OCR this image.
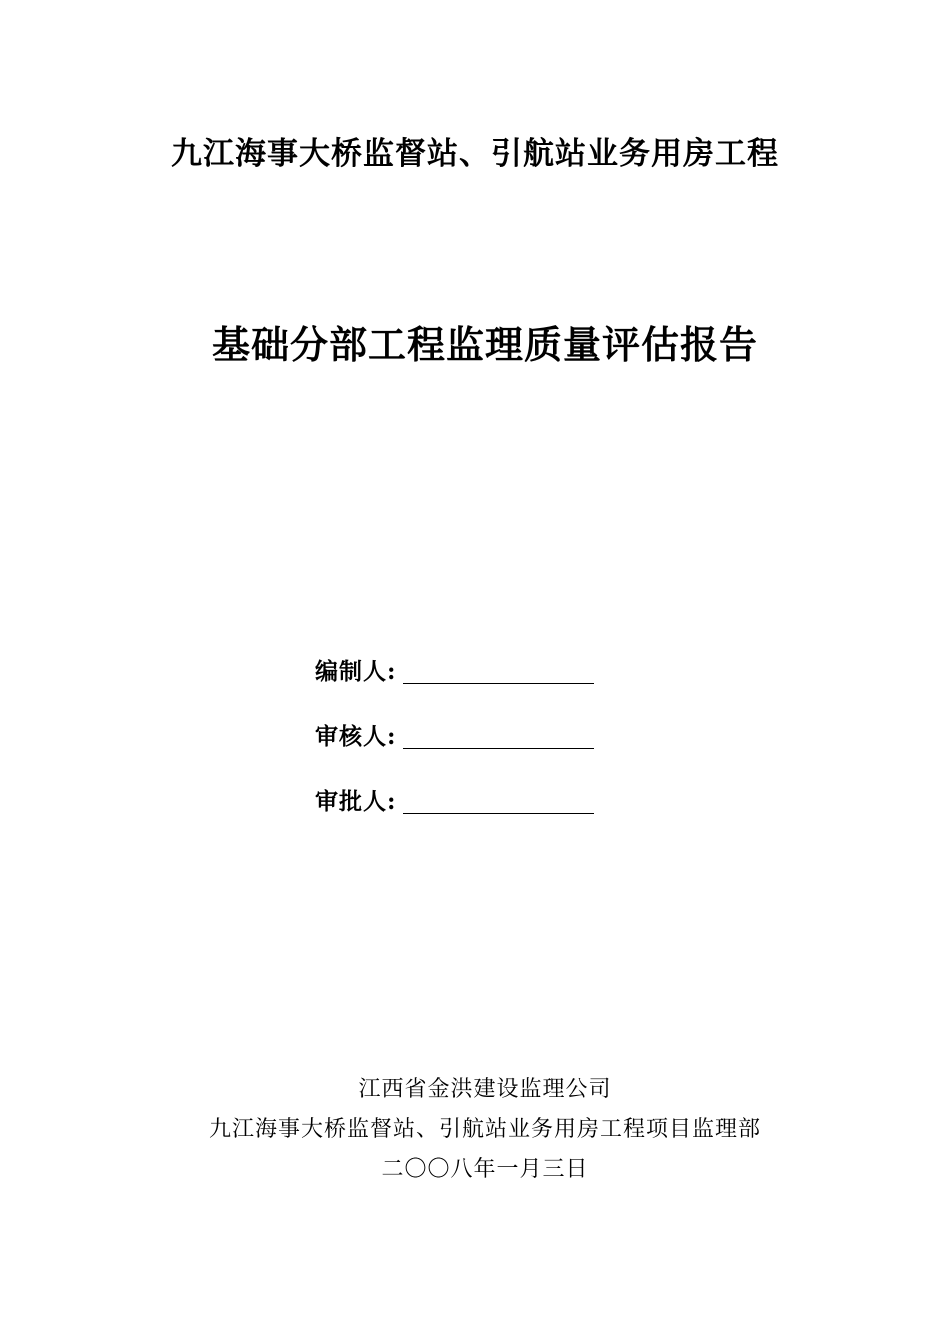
九江海事大桥监督站、引航站业务用房工程
基础分部工程监理质量评估报告
编制人:
审核人:
审批人:
江西省金洪建设监理公司
九江海事大桥监督站、引航站业务用房工程项目监理部
二〇〇八年一月三日
